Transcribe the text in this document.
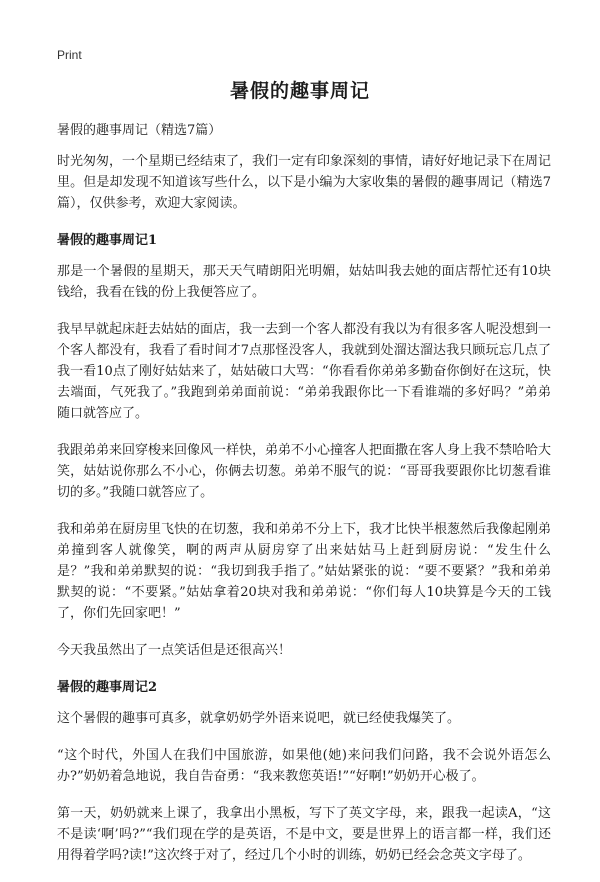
Print
暑假的趣事周记

暑假的趣事周记（精选7篇）

时光匆匆，一个星期已经结束了，我们一定有印象深刻的事情，请好好地记录下在周记里。但是却发现不知道该写些什么，以下是小编为大家收集的暑假的趣事周记（精选7篇），仅供参考，欢迎大家阅读。

暑假的趣事周记1

那是一个暑假的星期天，那天天气晴朗阳光明媚，姑姑叫我去她的面店帮忙还有10块钱给，我看在钱的份上我便答应了。

我早早就起床赶去姑姑的面店，我一去到一个客人都没有我以为有很多客人呢没想到一个客人都没有，我看了看时间才7点那怪没客人，我就到处溜达溜达我只顾玩忘几点了我一看10点了刚好姑姑来了，姑姑破口大骂：“你看看你弟弟多勤奋你倒好在这玩，快去端面，气死我了。”我跑到弟弟面前说：“弟弟我跟你比一下看谁端的多好吗？”弟弟随口就答应了。

我跟弟弟来回穿梭来回像风一样快，弟弟不小心撞客人把面撒在客人身上我不禁哈哈大笑，姑姑说你那么不小心，你俩去切葱。弟弟不服气的说：“哥哥我要跟你比切葱看谁切的多。”我随口就答应了。

我和弟弟在厨房里飞快的在切葱，我和弟弟不分上下，我才比快半根葱然后我像起刚弟弟撞到客人就像笑，啊的两声从厨房穿了出来姑姑马上赶到厨房说：“发生什么是？”我和弟弟默契的说：“我切到我手指了。”姑姑紧张的说：“要不要紧？”我和弟弟默契的说：“不要紧。”姑姑拿着20块对我和弟弟说：“你们每人10块算是今天的工钱了，你们先回家吧！”

今天我虽然出了一点笑话但是还很高兴！

暑假的趣事周记2

这个暑假的趣事可真多，就拿奶奶学外语来说吧，就已经使我爆笑了。

“这个时代，外国人在我们中国旅游，如果他(她)来问我们问路，我不会说外语怎么办?”奶奶着急地说，我自告奋勇：“我来教您英语!”“好啊!”奶奶开心极了。

第一天，奶奶就来上课了，我拿出小黑板，写下了英文字母，来，跟我一起读A，“这不是读‘啊’吗?”“我们现在学的是英语，不是中文，要是世界上的语言都一样，我们还用得着学吗?读!”这次终于对了，经过几个小时的训练，奶奶已经会念英文字母了。
